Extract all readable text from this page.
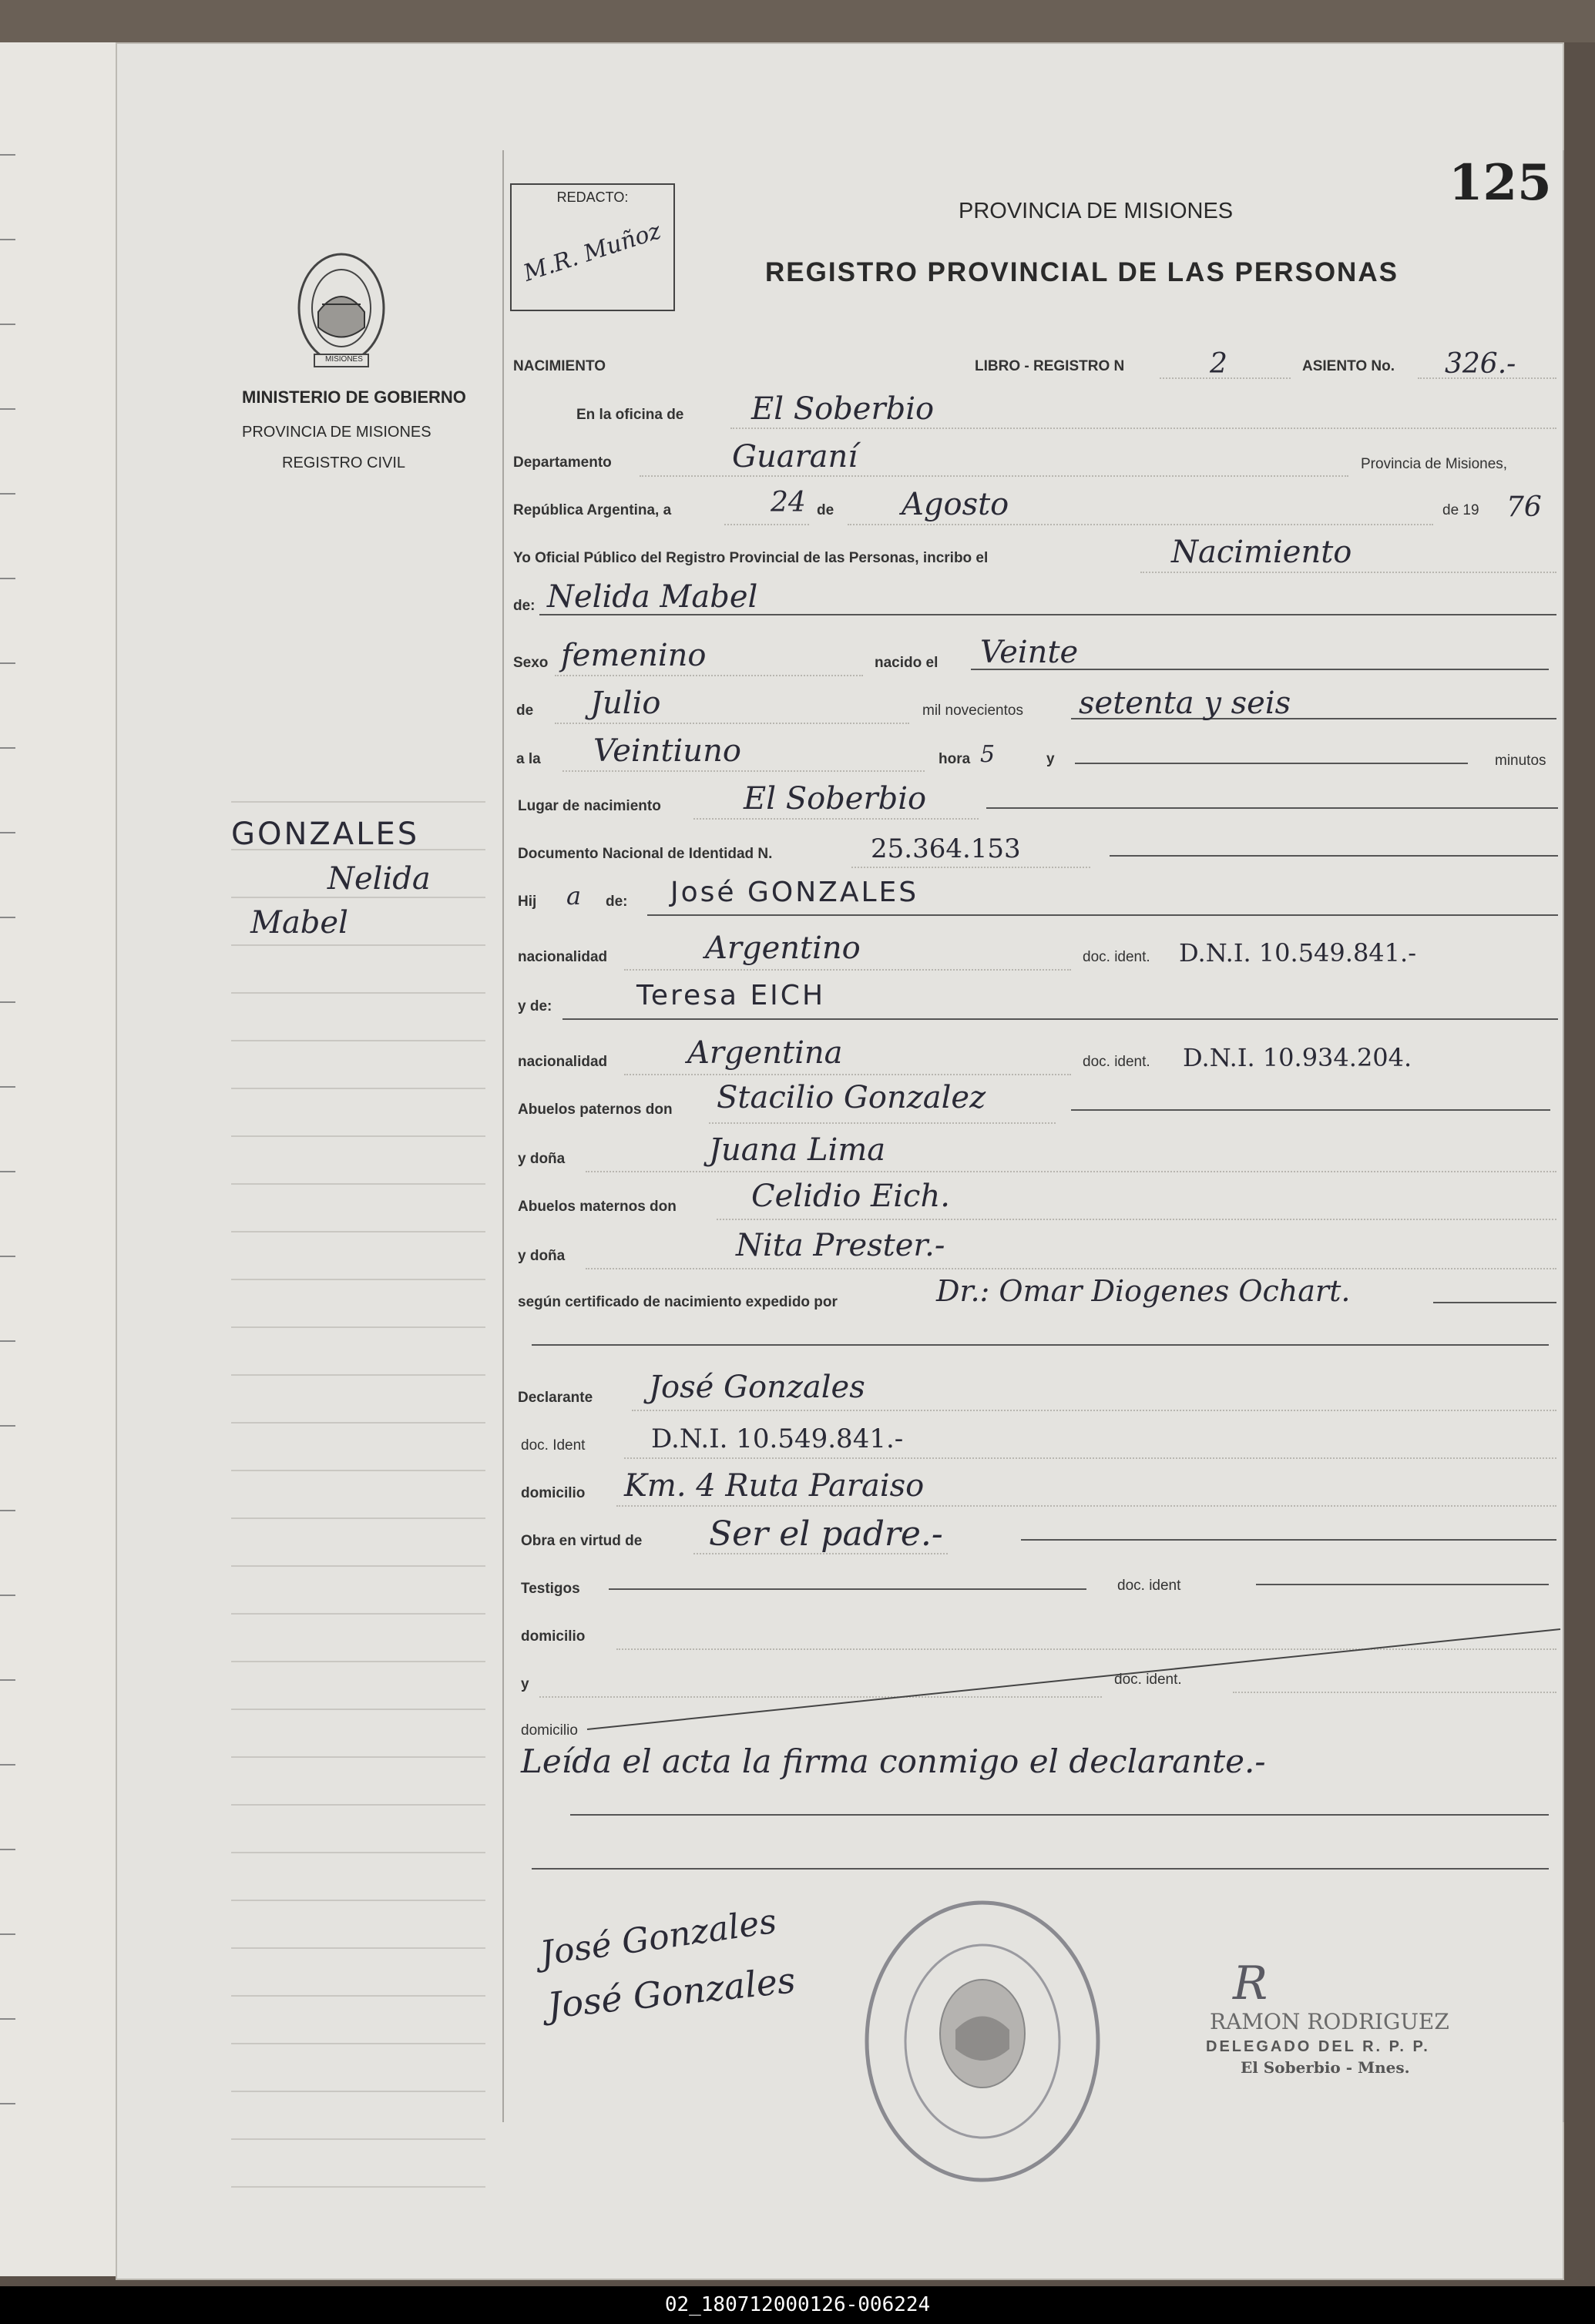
125
REDACTO:
M.R. Muñoz
PROVINCIA DE MISIONES
REGISTRO PROVINCIAL DE LAS PERSONAS
MISIONES
MINISTERIO DE GOBIERNO
PROVINCIA DE MISIONES
REGISTRO CIVIL
GONZALES
Nelida
Mabel
NACIMIENTO	LIBRO - REGISTRO N	2	ASIENTO No. 326.-
En la oficina de El Soberbio
Departamento	Guaraní	Provincia de Misiones,
República Argentina, a	24 de Agosto	de 19 76
Yo Oficial Público del Registro Provincial de las Personas, incribo el	Nacimiento
de: Nelida Mabel
Sexo femenino	nacido el Veinte
de Julio	mil novecientos setenta y seis
a la Veintiuno	hora 5	y	minutos
Lugar de nacimiento	El Soberbio
Documento Nacional de Identidad N.	25.364.153
Hij a de: José GONZALES
nacionalidad	Argentino	doc. ident. D.N.I. 10.549.841.-
y de:	Teresa EICH
nacionalidad	Argentina	doc. ident. D.N.I. 10.934.204.
Abuelos paternos don Stacilio Gonzalez
y doña	Juana Lima
Abuelos maternos don Celidio Eich.
y doña	Nita Prester.-
según certificado de nacimiento expedido por	Dr.: Omar Diogenes Ochart.
Declarante José Gonzales
doc. Ident	D.N.I. 10.549.841.-
domicilio Km. 4 Ruta Paraiso
Obra en virtud de Ser el padre.-
Testigos	doc. ident
domicilio
y	doc. ident.
domicilio
Leída el acta la firma conmigo el declarante.-
José Gonzales
José Gonzales	R
RAMON RODRIGUEZ
DELEGADO DEL R. P. P.
El Soberbio - Mnes.
02_180712000126-006224
